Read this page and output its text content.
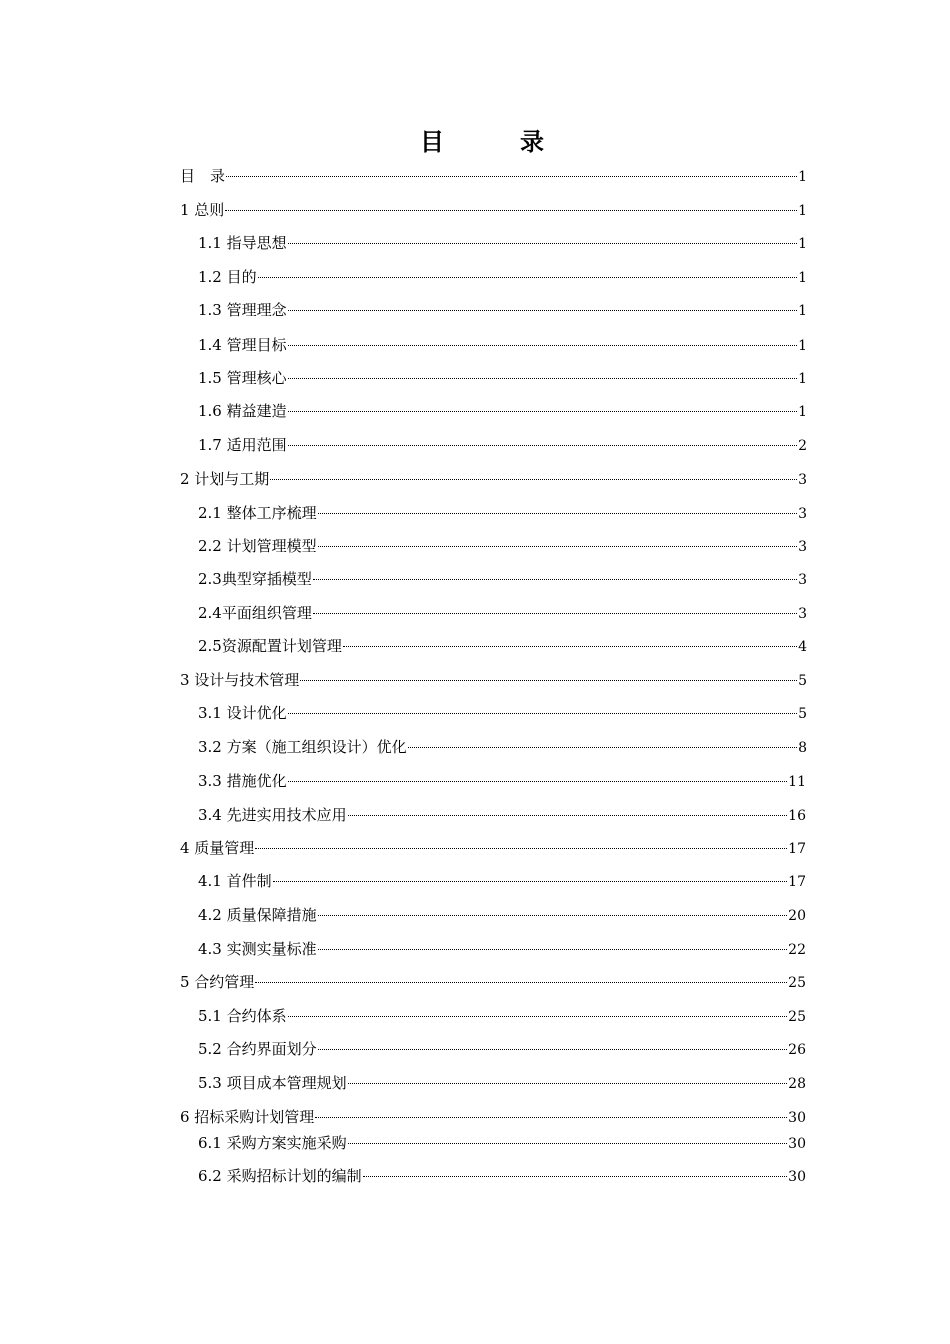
目　录
目　录	1
1 总则	1
1.1 指导思想	1
1.2 目的	1
1.3 管理理念	1
1.4 管理目标	1
1.5 管理核心	1
1.6 精益建造	1
1.7 适用范围	2
2 计划与工期	3
2.1 整体工序梳理	3
2.2 计划管理模型	3
2.3典型穿插模型	3
2.4平面组织管理	3
2.5资源配置计划管理	4
3 设计与技术管理	5
3.1 设计优化	5
3.2 方案（施工组织设计）优化	8
3.3 措施优化	11
3.4 先进实用技术应用	16
4 质量管理	17
4.1 首件制	17
4.2 质量保障措施	20
4.3 实测实量标准	22
5 合约管理	25
5.1 合约体系	25
5.2 合约界面划分	26
5.3 项目成本管理规划	28
6 招标采购计划管理	30
6.1 采购方案实施采购	30
6.2 采购招标计划的编制	30
